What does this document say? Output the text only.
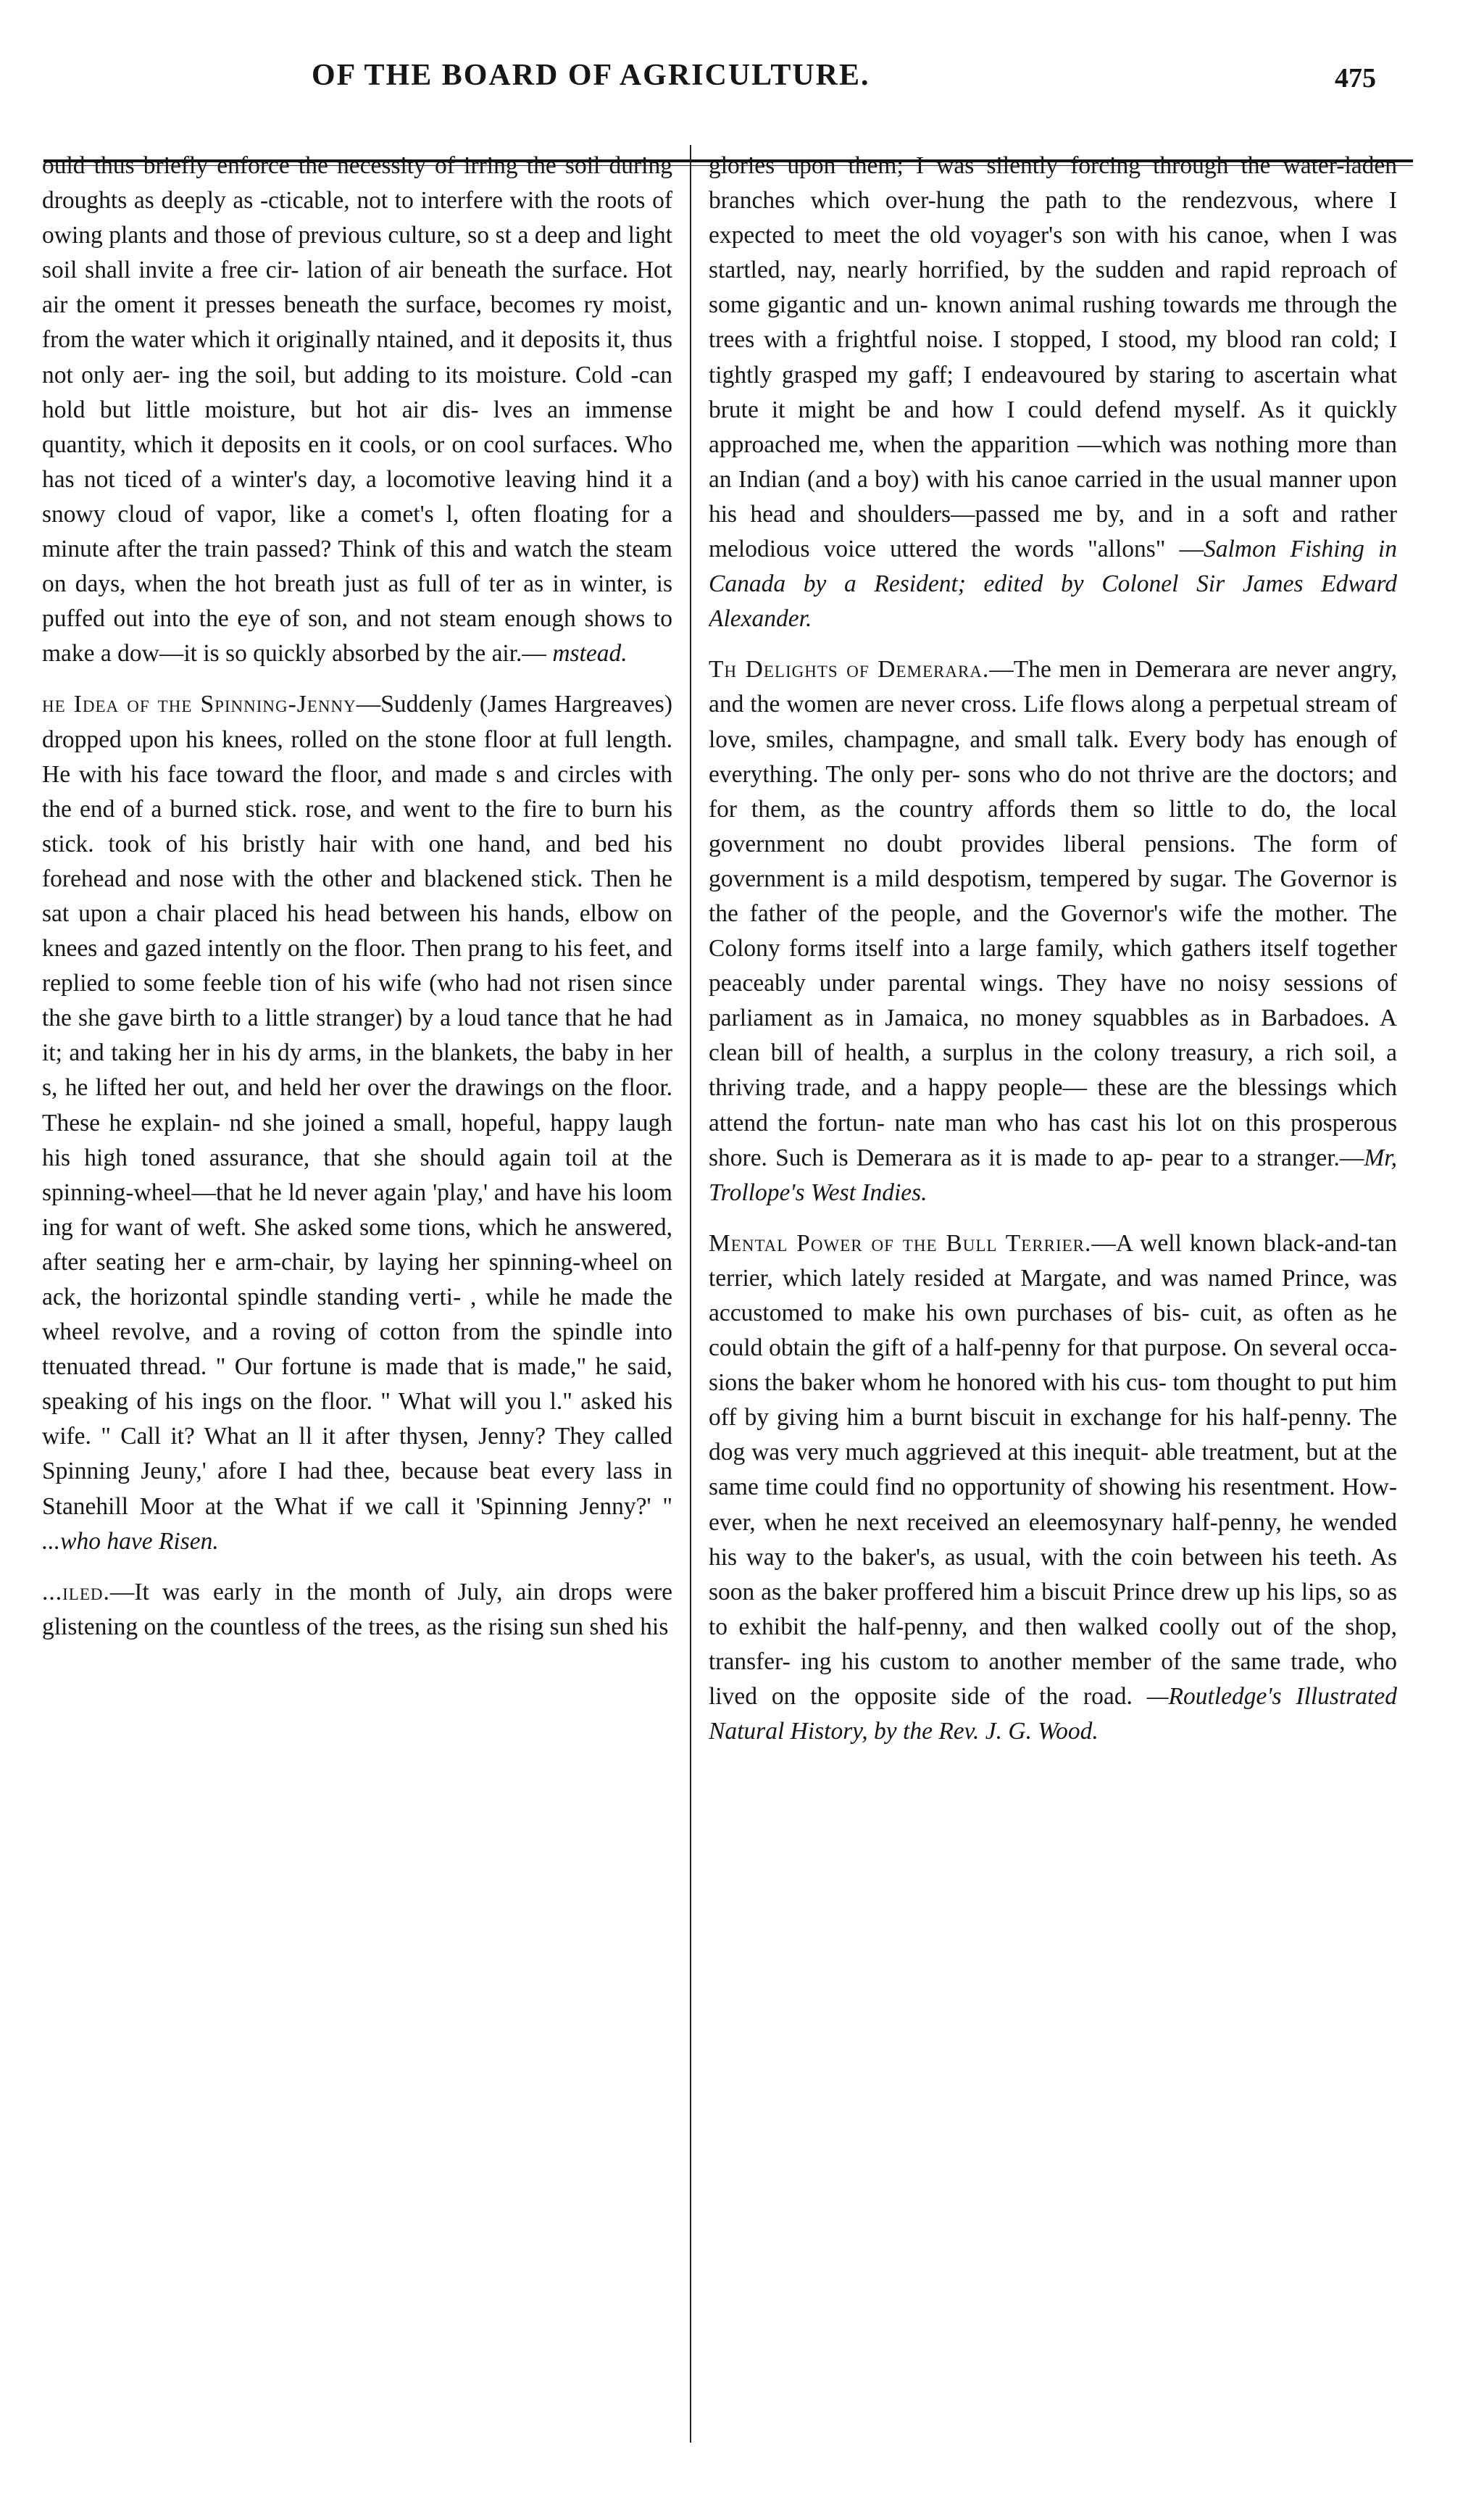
OF THE BOARD OF AGRICULTURE.	475

ould thus briefly enforce the necessity of irring the soil during droughts as deeply as -cticable, not to interfere with the roots of owing plants and those of previous culture, so st a deep and light soil shall invite a free cir- lation of air beneath the surface. Hot air the oment it presses beneath the surface, becomes ry moist, from the water which it originally ntained, and it deposits it, thus not only aer- ing the soil, but adding to its moisture. Cold -can hold but little moisture, but hot air dis- lves an immense quantity, which it deposits en it cools, or on cool surfaces. Who has not ticed of a winter's day, a locomotive leaving hind it a snowy cloud of vapor, like a comet's l, often floating for a minute after the train passed? Think of this and watch the steam on days, when the hot breath just as full of ter as in winter, is puffed out into the eye of son, and not steam enough shows to make a dow—it is so quickly absorbed by the air.— mstead.

he Idea of the Spinning-Jenny—Suddenly (James Hargreaves) dropped upon his knees, rolled on the stone floor at full length. He with his face toward the floor, and made s and circles with the end of a burned stick. rose, and went to the fire to burn his stick. took of his bristly hair with one hand, and bed his forehead and nose with the other and blackened stick. Then he sat upon a chair placed his head between his hands, elbow on knees and gazed intently on the floor. Then prang to his feet, and replied to some feeble tion of his wife (who had not risen since the she gave birth to a little stranger) by a loud tance that he had it; and taking her in his dy arms, in the blankets, the baby in her s, he lifted her out, and held her over the drawings on the floor. These he explain- nd she joined a small, hopeful, happy laugh his high toned assurance, that she should again toil at the spinning-wheel—that he ld never again 'play,' and have his loom ing for want of weft. She asked some tions, which he answered, after seating her e arm-chair, by laying her spinning-wheel on ack, the horizontal spindle standing verti- , while he made the wheel revolve, and a roving of cotton from the spindle into ttenuated thread. " Our fortune is made that is made," he said, speaking of his ings on the floor. " What will you l." asked his wife. " Call it? What an ll it after thysen, Jenny? They called Spinning Jeuny,' afore I had thee, because beat every lass in Stanehill Moor at the What if we call it 'Spinning Jenny?' " ...who have Risen.

...iled.—It was early in the month of July, ain drops were glistening on the countless of the trees, as the rising sun shed his

glories upon them; I was silently forcing through the water-laden branches which over-hung the path to the rendezvous, where I expected to meet the old voyager's son with his canoe, when I was startled, nay, nearly horrified, by the sudden and rapid reproach of some gigantic and un- known animal rushing towards me through the trees with a frightful noise. I stopped, I stood, my blood ran cold; I tightly grasped my gaff; I endeavoured by staring to ascertain what brute it might be and how I could defend myself. As it quickly approached me, when the apparition —which was nothing more than an Indian (and a boy) with his canoe carried in the usual manner upon his head and shoulders—passed me by, and in a soft and rather melodious voice uttered the words "allons" —Salmon Fishing in Canada by a Resident; edited by Colonel Sir James Edward Alexander.

Th Delights of Demerara.—The men in Demerara are never angry, and the women are never cross. Life flows along a perpetual stream of love, smiles, champagne, and small talk. Every body has enough of everything. The only per- sons who do not thrive are the doctors; and for them, as the country affords them so little to do, the local government no doubt provides liberal pensions. The form of government is a mild despotism, tempered by sugar. The Governor is the father of the people, and the Governor's wife the mother. The Colony forms itself into a large family, which gathers itself together peaceably under parental wings. They have no noisy sessions of parliament as in Jamaica, no money squabbles as in Barbadoes. A clean bill of health, a surplus in the colony treasury, a rich soil, a thriving trade, and a happy people— these are the blessings which attend the fortun- nate man who has cast his lot on this prosperous shore. Such is Demerara as it is made to ap- pear to a stranger.—Mr, Trollope's West Indies.

Mental Power of the Bull Terrier.—A well known black-and-tan terrier, which lately resided at Margate, and was named Prince, was accustomed to make his own purchases of bis- cuit, as often as he could obtain the gift of a half-penny for that purpose. On several occa- sions the baker whom he honored with his cus- tom thought to put him off by giving him a burnt biscuit in exchange for his half-penny. The dog was very much aggrieved at this inequit- able treatment, but at the same time could find no opportunity of showing his resentment. How- ever, when he next received an eleemosynary half-penny, he wended his way to the baker's, as usual, with the coin between his teeth. As soon as the baker proffered him a biscuit Prince drew up his lips, so as to exhibit the half-penny, and then walked coolly out of the shop, transfer- ing his custom to another member of the same trade, who lived on the opposite side of the road. —Routledge's Illustrated Natural History, by the Rev. J. G. Wood.
